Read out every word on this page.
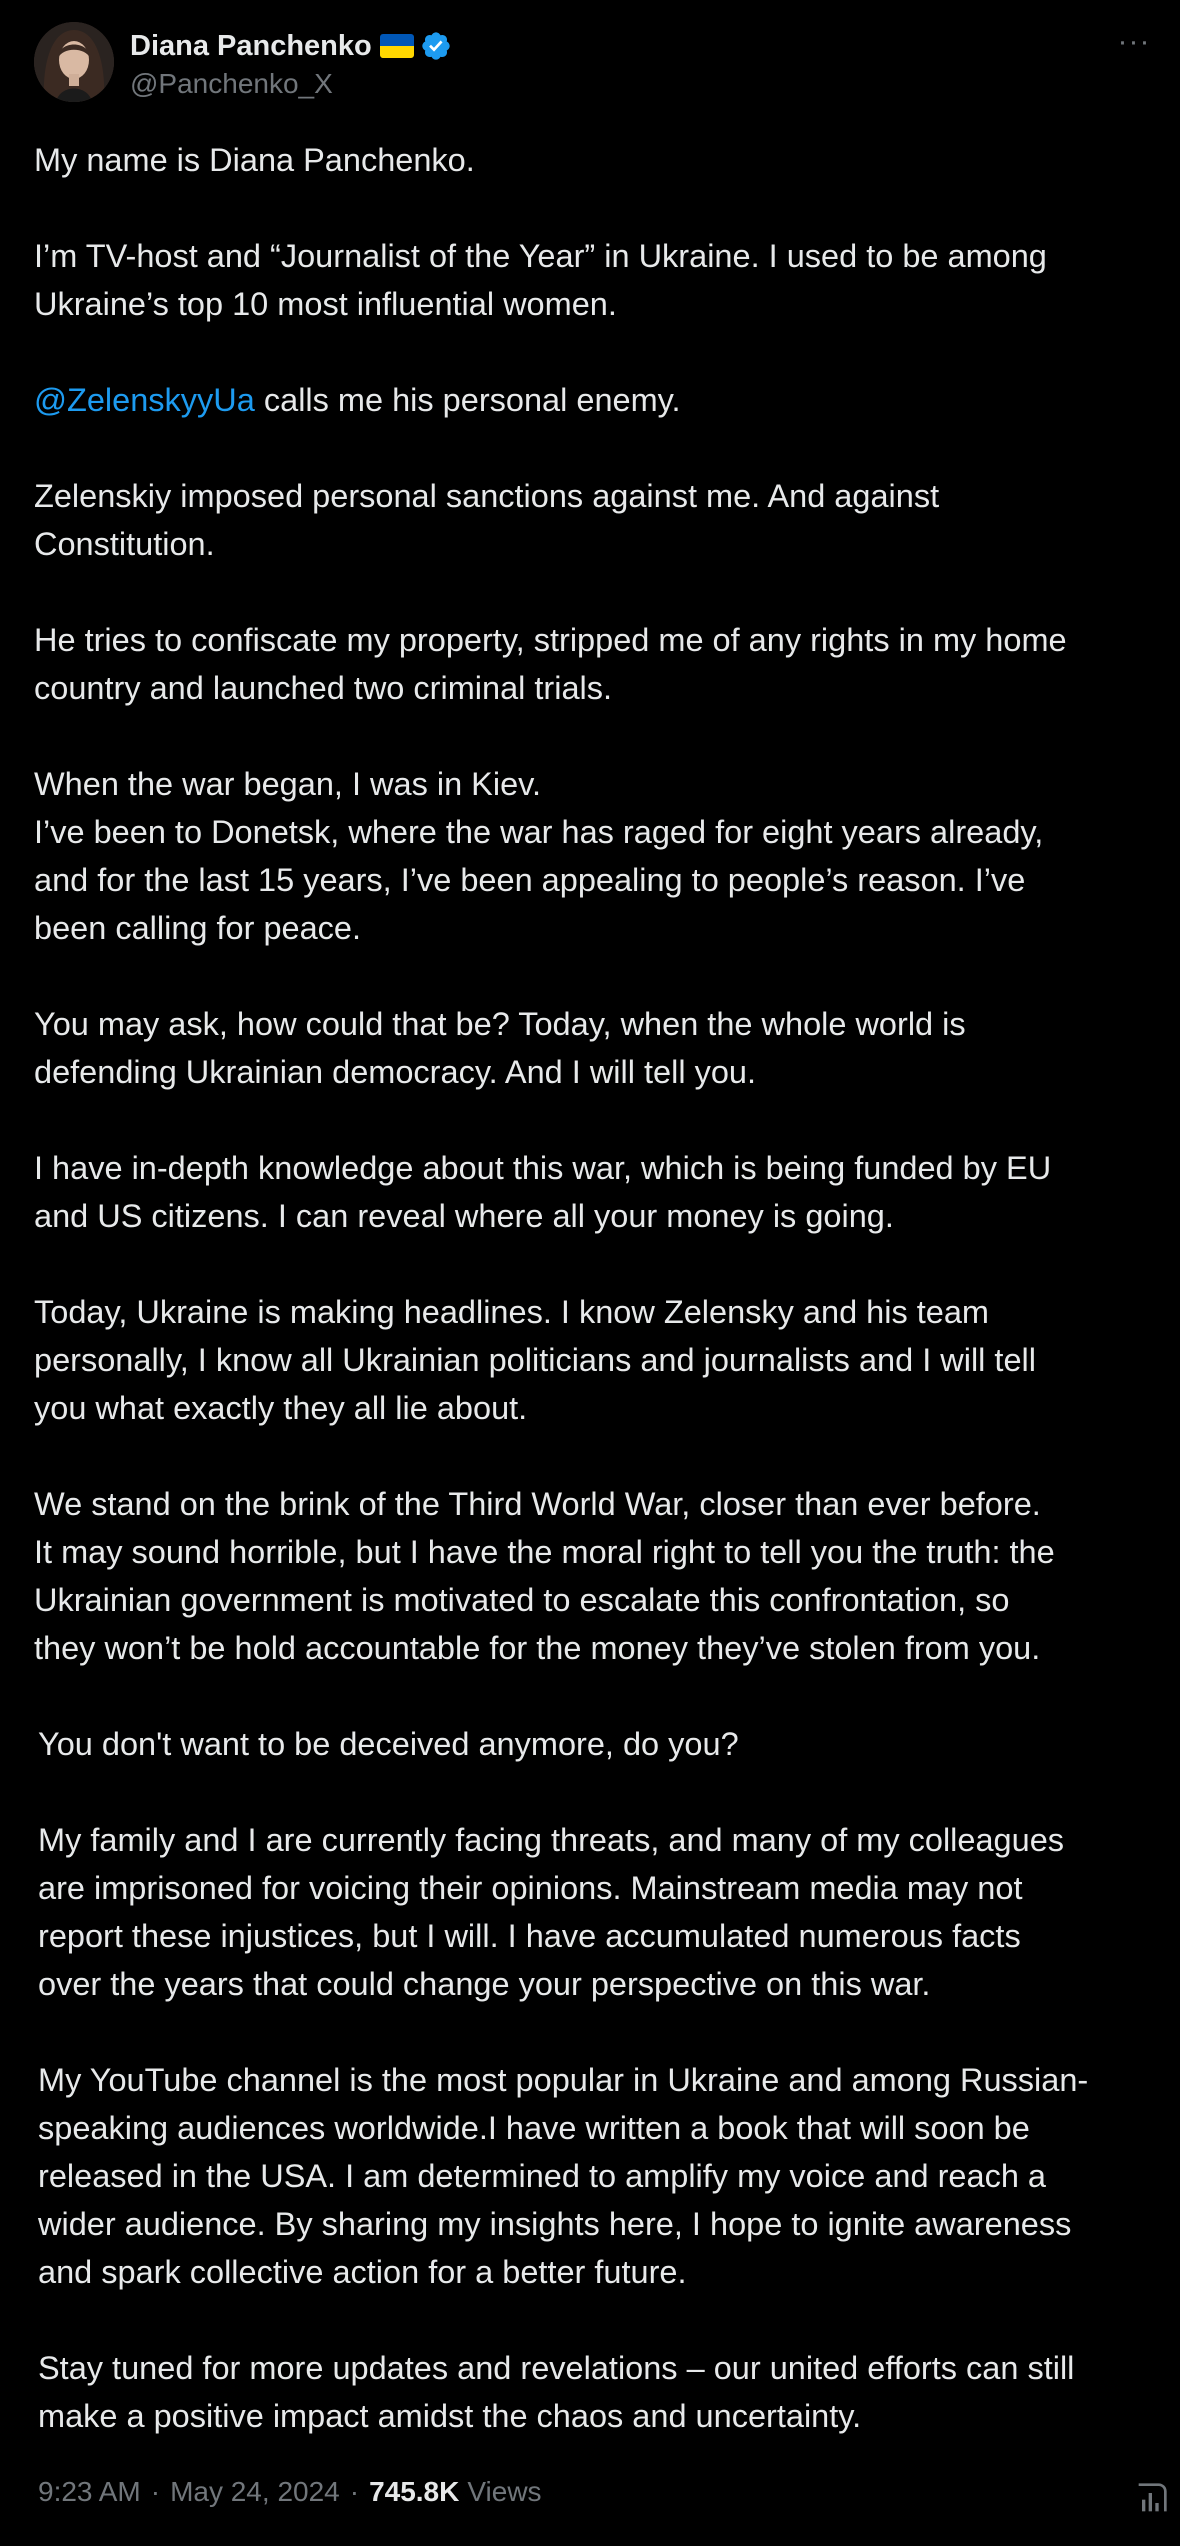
Diana Panchenko
@Panchenko_X
···

My name is Diana Panchenko.

I’m TV-host and “Journalist of the Year” in Ukraine. I used to be among
Ukraine’s top 10 most influential women.

@ZelenskyyUa calls me his personal enemy.

Zelenskiy imposed personal sanctions against me. And against
Constitution.

He tries to confiscate my property, stripped me of any rights in my home
country and launched two criminal trials.

When the war began, I was in Kiev.
I’ve been to Donetsk, where the war has raged for eight years already,
and for the last 15 years, I’ve been appealing to people’s reason. I’ve
been calling for peace.

You may ask, how could that be? Today, when the whole world is
defending Ukrainian democracy. And I will tell you.

I have in-depth knowledge about this war, which is being funded by EU
and US citizens. I can reveal where all your money is going.

Today, Ukraine is making headlines. I know Zelensky and his team
personally, I know all Ukrainian politicians and journalists and I will tell
you what exactly they all lie about.

We stand on the brink of the Third World War, closer than ever before.
It may sound horrible, but I have the moral right to tell you the truth: the
Ukrainian government is motivated to escalate this confrontation, so
they won’t be hold accountable for the money they’ve stolen from you.

You don't want to be deceived anymore, do you?

My family and I are currently facing threats, and many of my colleagues
are imprisoned for voicing their opinions. Mainstream media may not
report these injustices, but I will. I have accumulated numerous facts
over the years that could change your perspective on this war.

My YouTube channel is the most popular in Ukraine and among Russian-
speaking audiences worldwide.I have written a book that will soon be
released in the USA. I am determined to amplify my voice and reach a
wider audience. By sharing my insights here, I hope to ignite awareness
and spark collective action for a better future.

Stay tuned for more updates and revelations – our united efforts can still
make a positive impact amidst the chaos and uncertainty.

9:23 AM · May 24, 2024 · 745.8K Views
